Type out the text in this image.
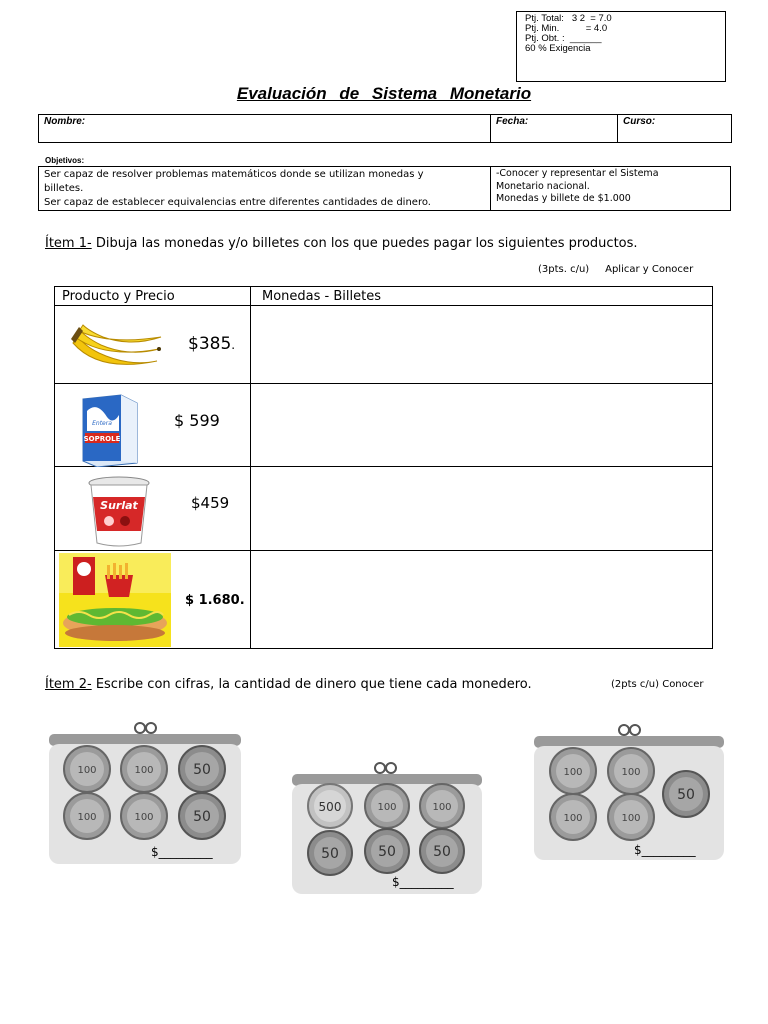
Ptj. Total:   3 2  = 7.0
Ptj. Min.          = 4.0
Ptj. Obt. :  ______
60 % Exigencia
Evaluación de Sistema Monetario
Nombre:	Fecha:	Curso:
Objetivos:
Ser capaz de resolver problemas matemáticos donde se utilizan monedas y
billetes.
Ser capaz de establecer equivalencias entre diferentes cantidades de dinero.
-Conocer y representar el Sistema
Monetario nacional.
Monedas y billete de $1.000
Ítem 1- Dibuja las monedas y/o billetes con los que puedes pagar los siguientes productos.
(3pts. c/u)     Aplicar y Conocer
Producto y Precio	Monedas - Billetes
$385.
SOPROLE
Entera	$ 599
Surlat	$459
$ 1.680.
Ítem 2- Escribe con cifras, la cantidad de dinero que tiene cada monedero.	(2pts c/u) Conocer
100	100	50
100	100	50
$_________
500	100	100
50	50	50
$_________
100	100
100	100
50
$_________
